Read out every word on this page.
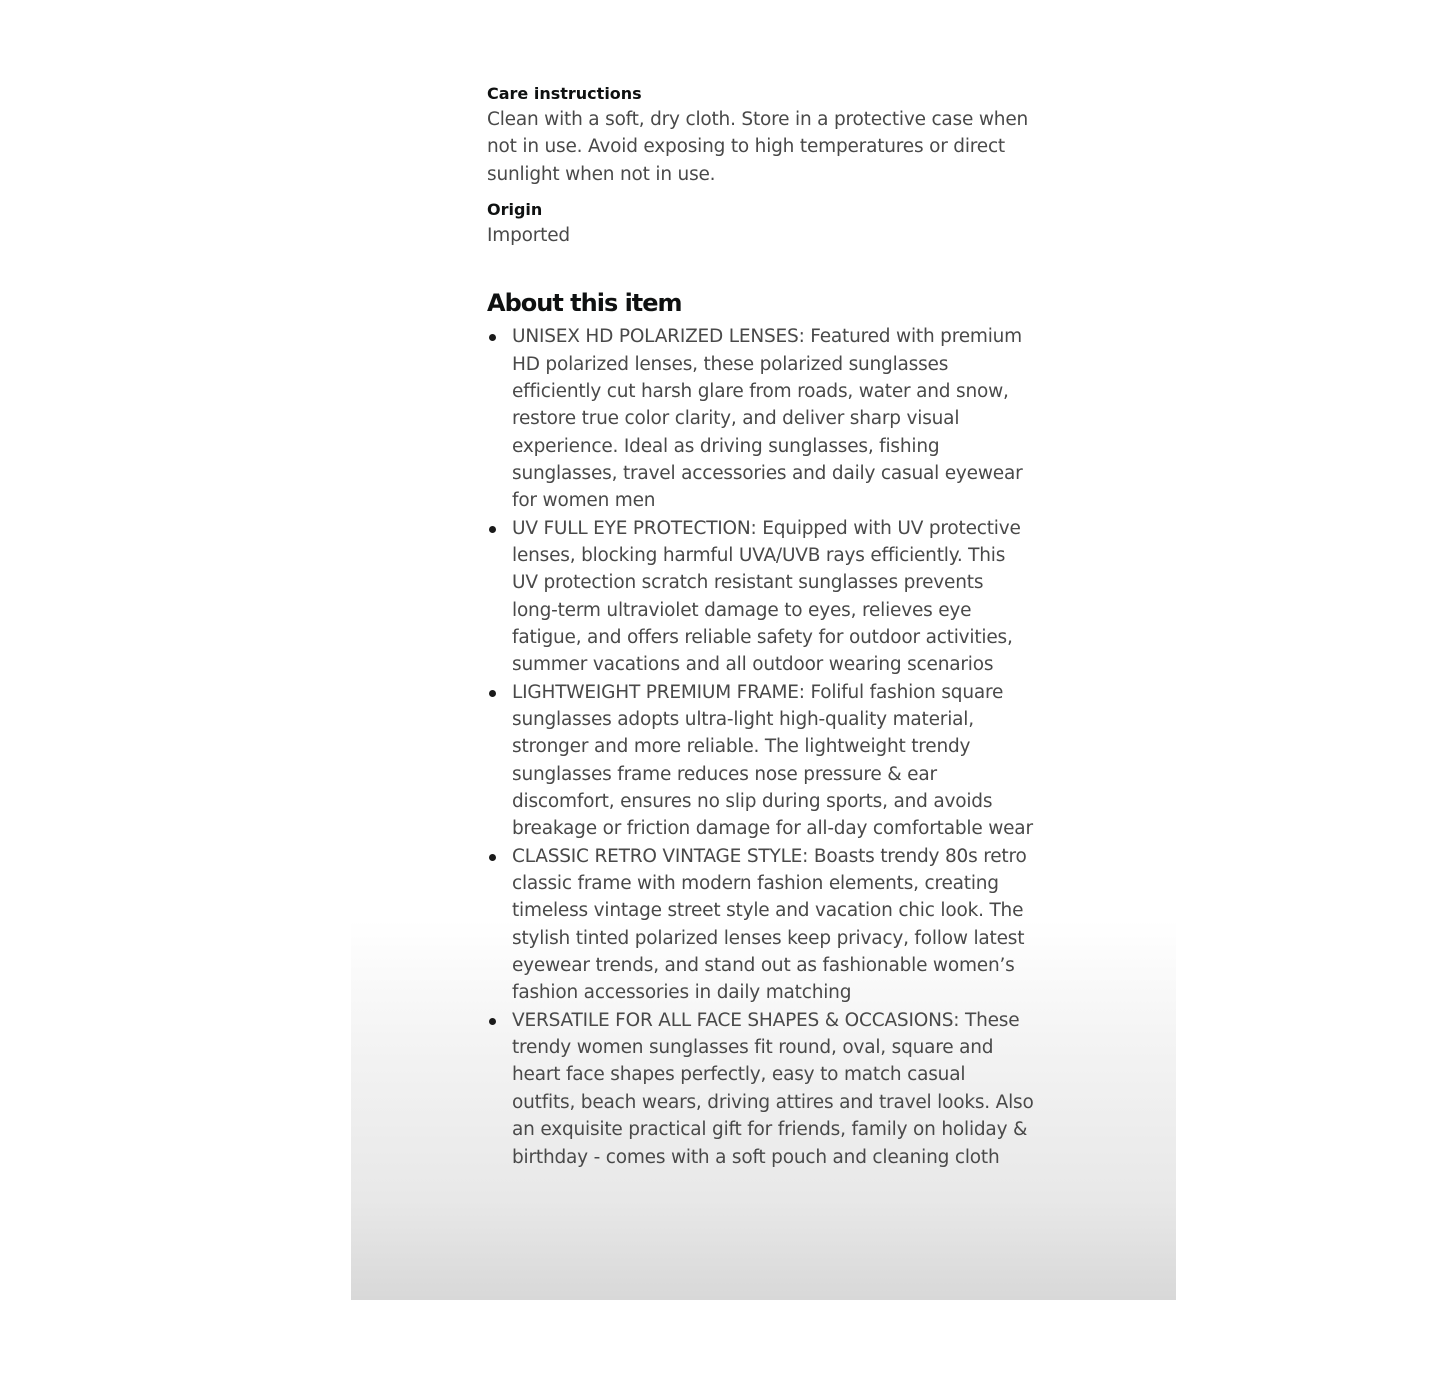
Care instructions

Clean with a soft, dry cloth. Store in a protective case when not in use. Avoid exposing to high temperatures or direct sunlight when not in use.

Origin

Imported

About this item
UNISEX HD POLARIZED LENSES: Featured with premium HD polarized lenses, these polarized sunglasses efficiently cut harsh glare from roads, water and snow, restore true color clarity, and deliver sharp visual experience. Ideal as driving sunglasses, fishing sunglasses, travel accessories and daily casual eyewear for women men
UV FULL EYE PROTECTION: Equipped with UV protective lenses, blocking harmful UVA/UVB rays efficiently. This UV protection scratch resistant sunglasses prevents long-term ultraviolet damage to eyes, relieves eye fatigue, and offers reliable safety for outdoor activities, summer vacations and all outdoor wearing scenarios
LIGHTWEIGHT PREMIUM FRAME: Foliful fashion square sunglasses adopts ultra-light high-quality material, stronger and more reliable. The lightweight trendy sunglasses frame reduces nose pressure & ear discomfort, ensures no slip during sports, and avoids breakage or friction damage for all-day comfortable wear
CLASSIC RETRO VINTAGE STYLE: Boasts trendy 80s retro classic frame with modern fashion elements, creating timeless vintage street style and vacation chic look. The stylish tinted polarized lenses keep privacy, follow latest eyewear trends, and stand out as fashionable women’s fashion accessories in daily matching
VERSATILE FOR ALL FACE SHAPES & OCCASIONS: These trendy women sunglasses fit round, oval, square and heart face shapes perfectly, easy to match casual outfits, beach wears, driving attires and travel looks. Also an exquisite practical gift for friends, family on holiday & birthday - comes with a soft pouch and cleaning cloth
